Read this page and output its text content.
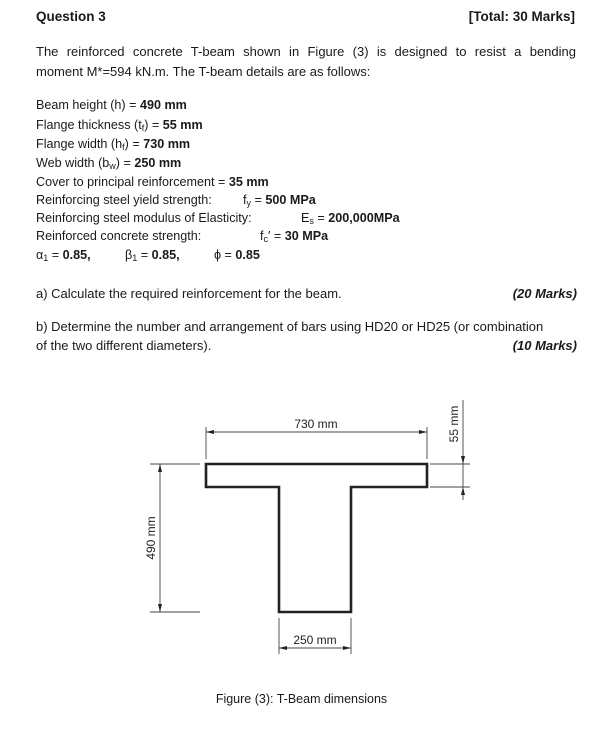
Question 3	[Total: 30 Marks]
The reinforced concrete T-beam shown in Figure (3) is designed to resist a bending
moment M*=594 kN.m. The T-beam details are as follows:
Beam height (h) = 490 mm
Flange thickness $(t_f) = 55$ mm
Flange width $(h_f) = 730$ mm
Web width $(b_w) = 250$ mm
Cover to principal reinforcement = 35 mm
Reinforcing steel yield strength: $f_y = 500$ MPa
Reinforcing steel modulus of Elasticity:	$E_s = 200,000MPa$
Reinforced concrete strength:	$f_c' = 30$ MPa
$\alpha_1 = 0.85$,	$\beta_1 = 0.85$,	ϕ = 0.85
a) Calculate the required reinforcement for the beam.	(20 Marks)
b) Determine the number and arrangement of bars using HD20 or HD25 (or combination
of the two different diameters).	(10 Marks)
730 mm	55 mm
490 mm
250 mm
Figure (3): T-Beam dimensions
